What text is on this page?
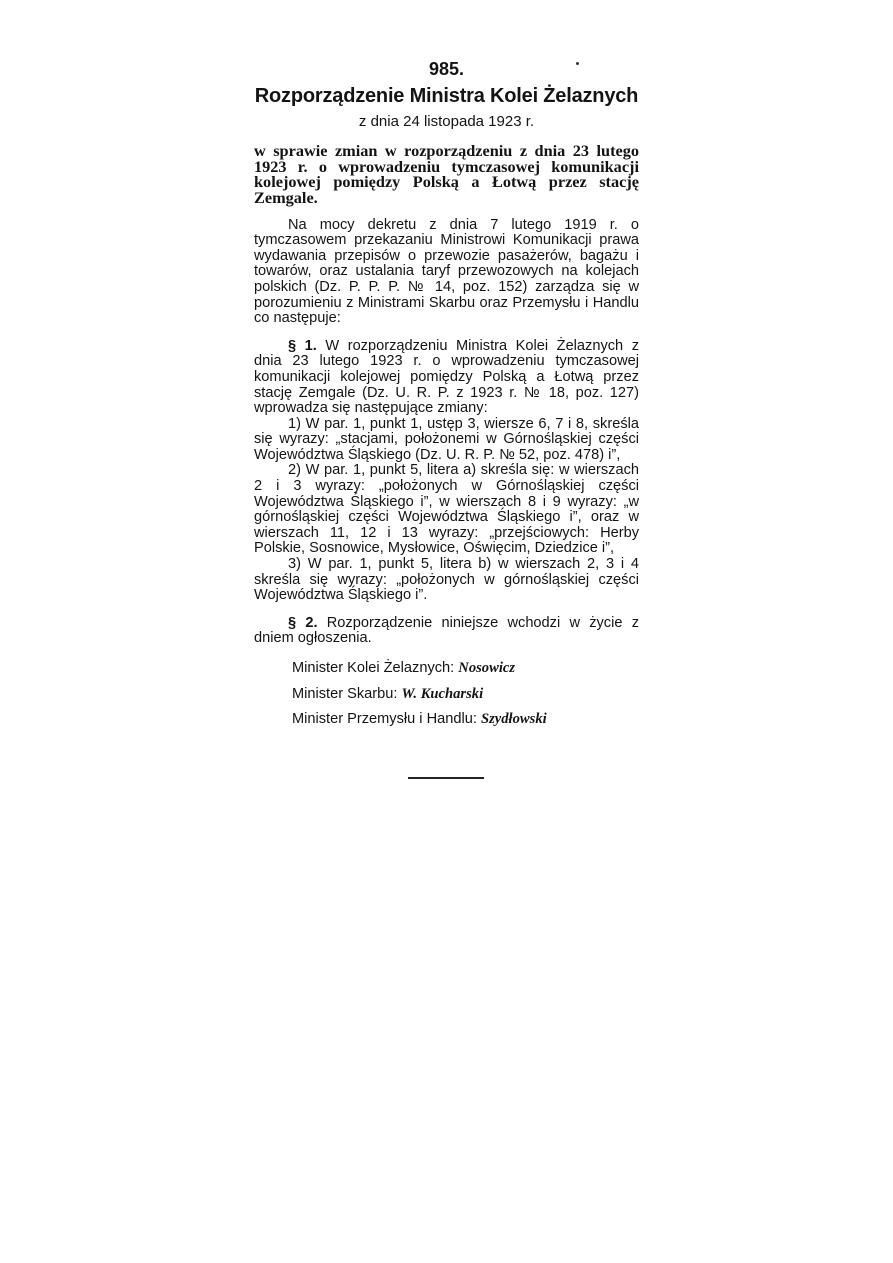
985.
Rozporządzenie Ministra Kolei Żelaznych
z dnia 24 listopada 1923 r.
w sprawie zmian w rozporządzeniu z dnia 23 lutego 1923 r. o wprowadzeniu tymczasowej komunikacji kolejowej pomiędzy Polską a Łotwą przez stację Zemgale.
Na mocy dekretu z dnia 7 lutego 1919 r. o tymczasowem przekazaniu Ministrowi Komunikacji prawa wydawania przepisów o przewozie pasażerów, bagażu i towarów, oraz ustalania taryf przewozowych na kolejach polskich (Dz. P. P. P. № 14, poz. 152) zarządza się w porozumieniu z Ministrami Skarbu oraz Przemysłu i Handlu co następuje:
§ 1. W rozporządzeniu Ministra Kolei Żelaznych z dnia 23 lutego 1923 r. o wprowadzeniu tymczasowej komunikacji kolejowej pomiędzy Polską a Łotwą przez stację Zemgale (Dz. U. R. P. z 1923 r. № 18, poz. 127) wprowadza się następujące zmiany:
1) W par. 1, punkt 1, ustęp 3, wiersze 6, 7 i 8, skreśla się wyrazy: „stacjami, położonemi w Górnośląskiej części Województwa Śląskiego (Dz. U. R. P. № 52, poz. 478) i”,
2) W par. 1, punkt 5, litera a) skreśla się: w wierszach 2 i 3 wyrazy: „położonych w Górnośląskiej części Województwa Śląskiego i”, w wierszach 8 i 9 wyrazy: „w górnośląskiej części Województwa Śląskiego i”, oraz w wierszach 11, 12 i 13 wyrazy: „przejściowych: Herby Polskie, Sosnowice, Mysłowice, Oświęcim, Dziedzice i”,
3) W par. 1, punkt 5, litera b) w wierszach 2, 3 i 4 skreśla się wyrazy: „położonych w górnośląskiej części Województwa Śląskiego i”.
§ 2. Rozporządzenie niniejsze wchodzi w życie z dniem ogłoszenia.
Minister Kolei Żelaznych: Nosowicz
Minister Skarbu: W. Kucharski
Minister Przemysłu i Handlu: Szydłowski
